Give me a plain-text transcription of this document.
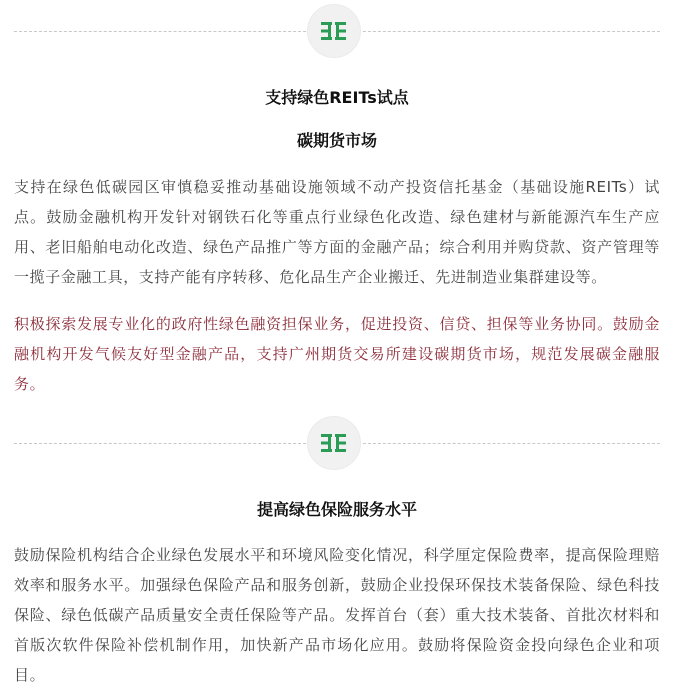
支持绿色REITs试点
碳期货市场

支持在绿色低碳园区审慎稳妥推动基础设施领域不动产投资信托基金（基础设施REITs）试点。鼓励金融机构开发针对钢铁石化等重点行业绿色化改造、绿色建材与新能源汽车生产应用、老旧船舶电动化改造、绿色产品推广等方面的金融产品；综合利用并购贷款、资产管理等一揽子金融工具，支持产能有序转移、危化品生产企业搬迁、先进制造业集群建设等。

积极探索发展专业化的政府性绿色融资担保业务，促进投资、信贷、担保等业务协同。鼓励金融机构开发气候友好型金融产品，支持广州期货交易所建设碳期货市场，规范发展碳金融服务。

提高绿色保险服务水平

鼓励保险机构结合企业绿色发展水平和环境风险变化情况，科学厘定保险费率，提高保险理赔效率和服务水平。加强绿色保险产品和服务创新，鼓励企业投保环保技术装备保险、绿色科技保险、绿色低碳产品质量安全责任保险等产品。发挥首台（套）重大技术装备、首批次材料和首版次软件保险补偿机制作用，加快新产品市场化应用。鼓励将保险资金投向绿色企业和项目。
